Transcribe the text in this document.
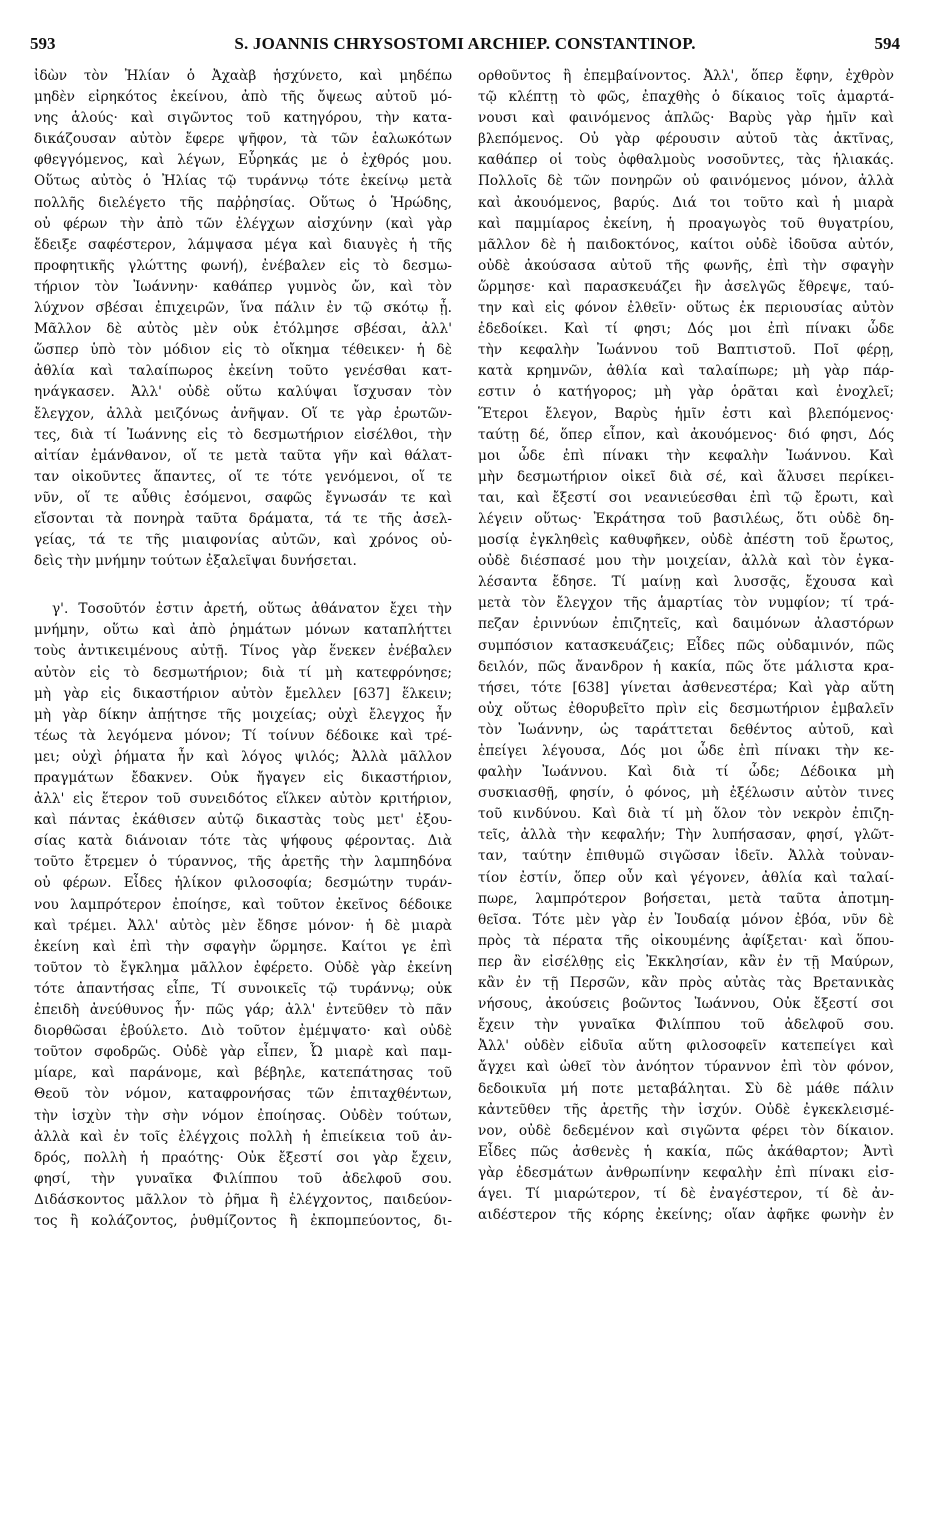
593	S. JOANNIS CHRYSOSTOMI ARCHIEP. CONSTANTINOP.	594
ἰδὼν τὸν Ἠλίαν ὁ Ἀχαὰβ ἡσχύνετο, καὶ μηδέπω
μηδὲν εἰρηκότος ἐκείνου, ἀπὸ τῆς ὄψεως αὐτοῦ μό-
νης ἁλούς· καὶ σιγῶντος τοῦ κατηγόρου, τὴν κατα-
δικάζουσαν αὐτὸν ἔφερε ψῆφον, τὰ τῶν ἑαλωκότων
φθεγγόμενος, καὶ λέγων, Εὗρηκάς με ὁ ἐχθρός μου.
Οὕτως αὐτὸς ὁ Ἠλίας τῷ τυράννῳ τότε ἐκείνῳ μετὰ
πολλῆς διελέγετο τῆς παῤῥησίας. Οὕτως ὁ Ἡρώδης,
οὐ φέρων τὴν ἀπὸ τῶν ἐλέγχων αἰσχύνην (καὶ γὰρ
ἔδειξε σαφέστερον, λάμψασα μέγα καὶ διαυγὲς ἡ τῆς
προφητικῆς γλώττης φωνή), ἐνέβαλεν εἰς τὸ δεσμω-
τήριον τὸν Ἰωάννην· καθάπερ γυμνὸς ὤν, καὶ τὸν
λύχνον σβέσαι ἐπιχειρῶν, ἵνα πάλιν ἐν τῷ σκότῳ ᾖ.
Μᾶλλον δὲ αὐτὸς μὲν οὐκ ἐτόλμησε σβέσαι, ἀλλ'
ὥσπερ ὑπὸ τὸν μόδιον εἰς τὸ οἴκημα τέθεικεν· ἡ δὲ
ἀθλία καὶ ταλαίπωρος ἐκείνη τοῦτο γενέσθαι κατ-
ηνάγκασεν. Ἀλλ' οὐδὲ οὕτω καλύψαι ἴσχυσαν τὸν
ἔλεγχον, ἀλλὰ μειζόνως ἀνῆψαν. Οἵ τε γὰρ ἐρωτῶν-
τες, διὰ τί Ἰωάννης εἰς τὸ δεσμωτήριον εἰσέλθοι, τὴν
αἰτίαν ἐμάνθανον, οἵ τε μετὰ ταῦτα γῆν καὶ θάλατ-
ταν οἰκοῦντες ἅπαντες, οἵ τε τότε γενόμενοι, οἵ τε
νῦν, οἵ τε αὖθις ἐσόμενοι, σαφῶς ἔγνωσάν τε καὶ
εἴσονται τὰ πονηρὰ ταῦτα δράματα, τά τε τῆς ἀσελ-
γείας, τά τε τῆς μιαιφονίας αὐτῶν, καὶ χρόνος οὐ-
δεὶς τὴν μνήμην τούτων ἐξαλεῖψαι δυνήσεται.
γ'. Τοσοῦτόν ἐστιν ἀρετή, οὕτως ἀθάνατον ἔχει τὴν
μνήμην, οὕτω καὶ ἀπὸ ῥημάτων μόνων καταπλήττει
τοὺς ἀντικειμένους αὐτῇ. Τίνος γὰρ ἕνεκεν ἐνέβαλεν
αὐτὸν εἰς τὸ δεσμωτήριον; διὰ τί μὴ κατεφρόνησε;
μὴ γὰρ εἰς δικαστήριον αὐτὸν ἔμελλεν [637] ἕλκειν;
μὴ γὰρ δίκην ἀπῄτησε τῆς μοιχείας; οὐχὶ ἔλεγχος ἦν
τέως τὰ λεγόμενα μόνον; Τί τοίνυν δέδοικε καὶ τρέ-
μει; οὐχὶ ῥήματα ἦν καὶ λόγος ψιλός; Ἀλλὰ μᾶλλον
πραγμάτων ἔδακνεν. Οὐκ ἤγαγεν εἰς δικαστήριον,
ἀλλ' εἰς ἕτερον τοῦ συνειδότος εἵλκεν αὐτὸν κριτήριον,
καὶ πάντας ἐκάθισεν αὐτῷ δικαστὰς τοὺς μετ' ἐξου-
σίας κατὰ διάνοιαν τότε τὰς ψήφους φέροντας. Διὰ
τοῦτο ἔτρεμεν ὁ τύραννος, τῆς ἀρετῆς τὴν λαμπηδόνα
οὐ φέρων. Εἶδες ἡλίκον φιλοσοφία; δεσμώτην τυράν-
νου λαμπρότερον ἐποίησε, καὶ τοῦτον ἐκεῖνος δέδοικε
καὶ τρέμει. Ἀλλ' αὐτὸς μὲν ἔδησε μόνον· ἡ δὲ μιαρὰ
ἐκείνη καὶ ἐπὶ τὴν σφαγὴν ὥρμησε. Καίτοι γε ἐπὶ
τοῦτον τὸ ἔγκλημα μᾶλλον ἐφέρετο. Οὐδὲ γὰρ ἐκείνη
τότε ἀπαντήσας εἶπε, Τί συνοικεῖς τῷ τυράννῳ; οὐκ
ἐπειδὴ ἀνεύθυνος ἦν· πῶς γάρ; ἀλλ' ἐντεῦθεν τὸ πᾶν
διορθῶσαι ἐβούλετο. Διὸ τοῦτον ἐμέμψατο· καὶ οὐδὲ
τοῦτον σφοδρῶς. Οὐδὲ γὰρ εἶπεν, Ὦ μιαρὲ καὶ παμ-
μίαρε, καὶ παράνομε, καὶ βέβηλε, κατεπάτησας τοῦ
Θεοῦ τὸν νόμον, καταφρονήσας τῶν ἐπιταχθέντων,
τὴν ἰσχὺν τὴν σὴν νόμον ἐποίησας. Οὐδὲν τούτων,
ἀλλὰ καὶ ἐν τοῖς ἐλέγχοις πολλὴ ἡ ἐπιείκεια τοῦ ἀν-
δρός, πολλὴ ἡ πραότης· Οὐκ ἔξεστί σοι γὰρ ἔχειν,
φησί, τὴν γυναῖκα Φιλίππου τοῦ ἀδελφοῦ σου.
Διδάσκοντος μᾶλλον τὸ ῥῆμα ἢ ἐλέγχοντος, παιδεύον-
τος ἢ κολάζοντος, ῥυθμίζοντος ἢ ἐκπομπεύοντος, δι-
ορθοῦντος ἢ ἐπεμβαίνοντος. Ἀλλ', ὅπερ ἔφην, ἐχθρὸν
τῷ κλέπτῃ τὸ φῶς, ἐπαχθὴς ὁ δίκαιος τοῖς ἁμαρτά-
νουσι καὶ φαινόμενος ἁπλῶς· Βαρὺς γὰρ ἡμῖν καὶ
βλεπόμενος. Οὐ γὰρ φέρουσιν αὐτοῦ τὰς ἀκτῖνας,
καθάπερ οἱ τοὺς ὀφθαλμοὺς νοσοῦντες, τὰς ἡλιακάς.
Πολλοῖς δὲ τῶν πονηρῶν οὐ φαινόμενος μόνον, ἀλλὰ
καὶ ἀκουόμενος, βαρύς. Διά τοι τοῦτο καὶ ἡ μιαρὰ
καὶ παμμίαρος ἐκείνη, ἡ προαγωγὸς τοῦ θυγατρίου,
μᾶλλον δὲ ἡ παιδοκτόνος, καίτοι οὐδὲ ἰδοῦσα αὐτόν,
οὐδὲ ἀκούσασα αὐτοῦ τῆς φωνῆς, ἐπὶ τὴν σφαγὴν
ὥρμησε· καὶ παρασκευάζει ἣν ἀσελγῶς ἔθρεψε, ταύ-
την καὶ εἰς φόνον ἐλθεῖν· οὕτως ἐκ περιουσίας αὐτὸν
ἐδεδοίκει. Καὶ τί φησι; Δός μοι ἐπὶ πίνακι ὧδε
τὴν κεφαλὴν Ἰωάννου τοῦ Βαπτιστοῦ. Ποῖ φέρῃ,
κατὰ κρημνῶν, ἀθλία καὶ ταλαίπωρε; μὴ γὰρ πάρ-
εστιν ὁ κατήγορος; μὴ γὰρ ὁρᾶται καὶ ἐνοχλεῖ;
Ἕτεροι ἔλεγον, Βαρὺς ἡμῖν ἐστι καὶ βλεπόμενος·
ταύτῃ δέ, ὅπερ εἶπον, καὶ ἀκουόμενος· διό φησι, Δός
μοι ὧδε ἐπὶ πίνακι τὴν κεφαλὴν Ἰωάννου. Καὶ
μὴν δεσμωτήριον οἰκεῖ διὰ σέ, καὶ ἅλυσει περίκει-
ται, καὶ ἔξεστί σοι νεανιεύεσθαι ἐπὶ τῷ ἔρωτι, καὶ
λέγειν οὕτως· Ἐκράτησα τοῦ βασιλέως, ὅτι οὐδὲ δη-
μοσίᾳ ἐγκληθεὶς καθυφῆκεν, οὐδὲ ἀπέστη τοῦ ἔρωτος,
οὐδὲ διέσπασέ μου τὴν μοιχείαν, ἀλλὰ καὶ τὸν ἐγκα-
λέσαντα ἔδησε. Τί μαίνῃ καὶ λυσσᾷς, ἔχουσα καὶ
μετὰ τὸν ἔλεγχον τῆς ἁμαρτίας τὸν νυμφίον; τί τρά-
πεζαν ἐριννύων ἐπιζητεῖς, καὶ δαιμόνων ἀλαστόρων
συμπόσιον κατασκευάζεις; Εἶδες πῶς οὐδαμινόν, πῶς
δειλόν, πῶς ἄνανδρον ἡ κακία, πῶς ὅτε μάλιστα κρα-
τήσει, τότε [638] γίνεται ἀσθενεστέρα; Καὶ γὰρ αὕτη
οὐχ οὕτως ἐθορυβεῖτο πρὶν εἰς δεσμωτήριον ἐμβαλεῖν
τὸν Ἰωάννην, ὡς ταράττεται δεθέντος αὐτοῦ, καὶ
ἐπείγει λέγουσα, Δός μοι ὧδε ἐπὶ πίνακι τὴν κε-
φαλὴν Ἰωάννου. Καὶ διὰ τί ὧδε; Δέδοικα μὴ
συσκιασθῇ, φησίν, ὁ φόνος, μὴ ἐξέλωσιν αὐτὸν τινες
τοῦ κινδύνου. Καὶ διὰ τί μὴ ὅλον τὸν νεκρὸν ἐπιζη-
τεῖς, ἀλλὰ τὴν κεφαλήν; Τὴν λυπήσασαν, φησί, γλῶτ-
ταν, ταύτην ἐπιθυμῶ σιγῶσαν ἰδεῖν. Ἀλλὰ τοὐναν-
τίον ἐστίν, ὅπερ οὖν καὶ γέγονεν, ἀθλία καὶ ταλαί-
πωρε, λαμπρότερον βοήσεται, μετὰ ταῦτα ἀποτμη-
θεῖσα. Τότε μὲν γὰρ ἐν Ἰουδαίᾳ μόνον ἐβόα, νῦν δὲ
πρὸς τὰ πέρατα τῆς οἰκουμένης ἀφίξεται· καὶ ὅπου-
περ ἂν εἰσέλθῃς εἰς Ἐκκλησίαν, κἂν ἐν τῇ Μαύρων,
κἂν ἐν τῇ Περσῶν, κἂν πρὸς αὐτὰς τὰς Βρετανικὰς
νήσους, ἀκούσεις βοῶντος Ἰωάννου, Οὐκ ἔξεστί σοι
ἔχειν τὴν γυναῖκα Φιλίππου τοῦ ἀδελφοῦ σου.
Ἀλλ' οὐδὲν εἰδυῖα αὕτη φιλοσοφεῖν κατεπείγει καὶ
ἄγχει καὶ ὠθεῖ τὸν ἀνόητον τύραννον ἐπὶ τὸν φόνον,
δεδοικυῖα μή ποτε μεταβάληται. Σὺ δὲ μάθε πάλιν
κἀντεῦθεν τῆς ἀρετῆς τὴν ἰσχύν. Οὐδὲ ἐγκεκλεισμέ-
νον, οὐδὲ δεδεμένον καὶ σιγῶντα φέρει τὸν δίκαιον.
Εἶδες πῶς ἀσθενὲς ἡ κακία, πῶς ἀκάθαρτον; Ἀντὶ
γὰρ ἐδεσμάτων ἀνθρωπίνην κεφαλὴν ἐπὶ πίνακι εἰσ-
άγει. Τί μιαρώτερον, τί δὲ ἐναγέστερον, τί δὲ ἀν-
αιδέστερον τῆς κόρης ἐκείνης; οἵαν ἀφῆκε φωνὴν ἐν
